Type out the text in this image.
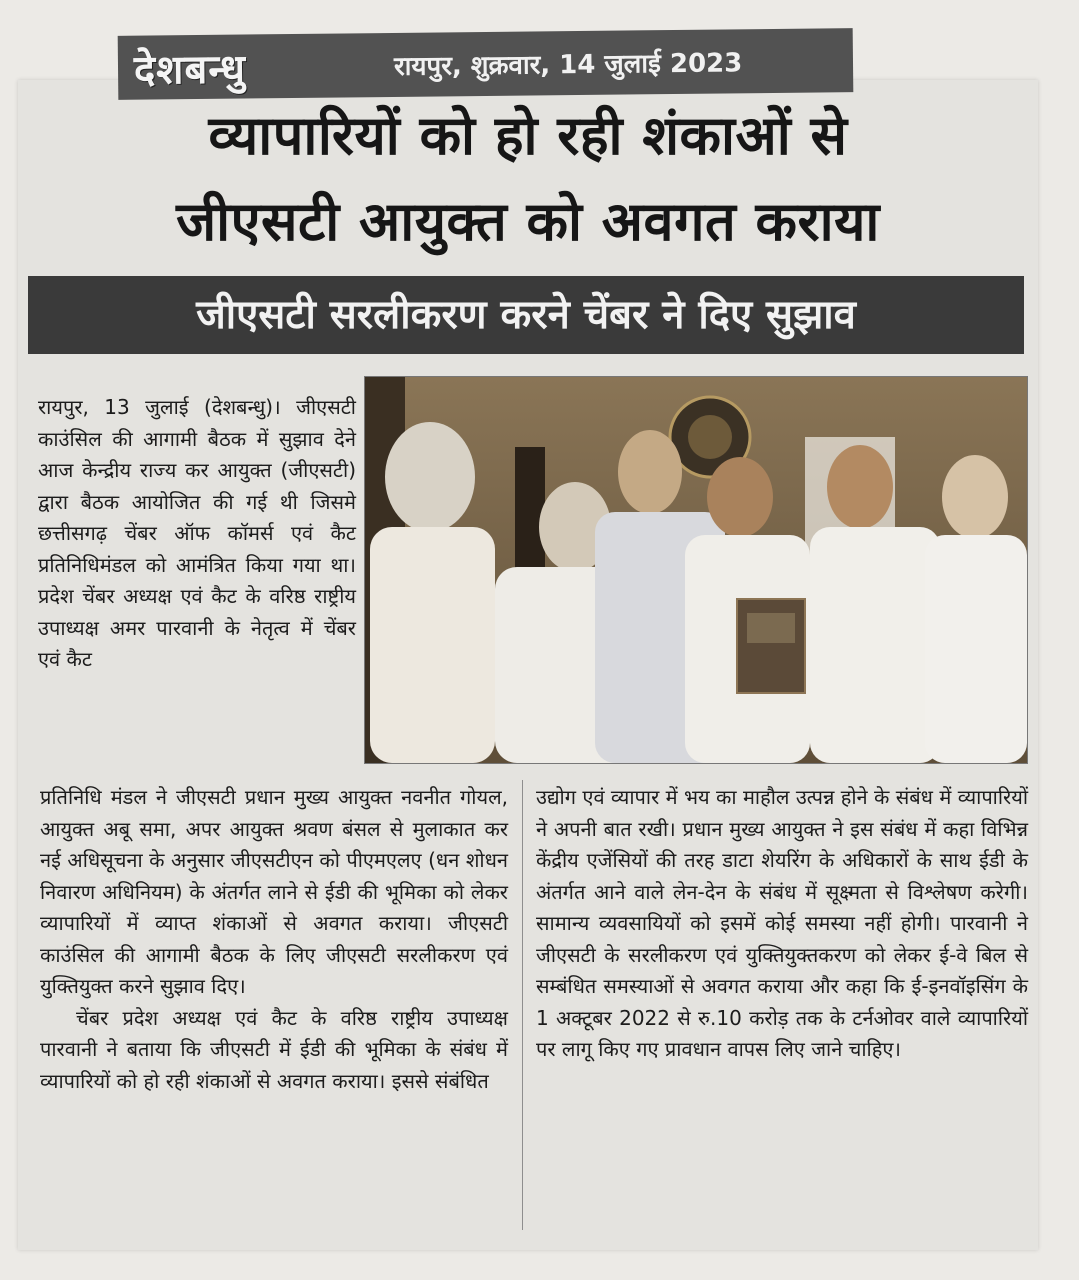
देशबन्धु	रायपुर, शुक्रवार, 14 जुलाई 2023
व्यापारियों को हो रही शंकाओं से
जीएसटी आयुक्त को अवगत कराया
जीएसटी सरलीकरण करने चेंबर ने दिए सुझाव

रायपुर, 13 जुलाई (देशबन्धु)। जीएसटी काउंसिल की आगामी बैठक में सुझाव देने आज केन्द्रीय राज्य कर आयुक्त (जीएसटी) द्वारा बैठक आयोजित की गई थी जिसमे छत्तीसगढ़ चेंबर ऑफ कॉमर्स एवं कैट प्रतिनिधिमंडल को आमंत्रित किया गया था। प्रदेश चेंबर अध्यक्ष एवं कैट के वरिष्ठ राष्ट्रीय उपाध्यक्ष अमर पारवानी के नेतृत्व में चेंबर एवं कैट

प्रतिनिधि मंडल ने जीएसटी प्रधान मुख्य आयुक्त नवनीत गोयल, आयुक्त अबू समा, अपर आयुक्त श्रवण बंसल से मुलाकात कर नई अधिसूचना के अनुसार जीएसटीएन को पीएमएलए (धन शोधन निवारण अधिनियम) के अंतर्गत लाने से ईडी की भूमिका को लेकर व्यापारियों में व्याप्त शंकाओं से अवगत कराया। जीएसटी काउंसिल की आगामी बैठक के लिए जीएसटी सरलीकरण एवं युक्तियुक्त करने सुझाव दिए।
चेंबर प्रदेश अध्यक्ष एवं कैट के वरिष्ठ राष्ट्रीय उपाध्यक्ष पारवानी ने बताया कि जीएसटी में ईडी की भूमिका के संबंध में व्यापारियों को हो रही शंकाओं से अवगत कराया। इससे संबंधित

उद्योग एवं व्यापार में भय का माहौल उत्पन्न होने के संबंध में व्यापारियों ने अपनी बात रखी। प्रधान मुख्य आयुक्त ने इस संबंध में कहा विभिन्न केंद्रीय एजेंसियों की तरह डाटा शेयरिंग के अधिकारों के साथ ईडी के अंतर्गत आने वाले लेन-देन के संबंध में सूक्ष्मता से विश्लेषण करेगी। सामान्य व्यवसायियों को इसमें कोई समस्या नहीं होगी। पारवानी ने जीएसटी के सरलीकरण एवं युक्तियुक्तकरण को लेकर ई-वे बिल से सम्बंधित समस्याओं से अवगत कराया और कहा कि ई-इनवॉइसिंग के 1 अक्टूबर 2022 से रु.10 करोड़ तक के टर्नओवर वाले व्यापारियों पर लागू किए गए प्रावधान वापस लिए जाने चाहिए।
